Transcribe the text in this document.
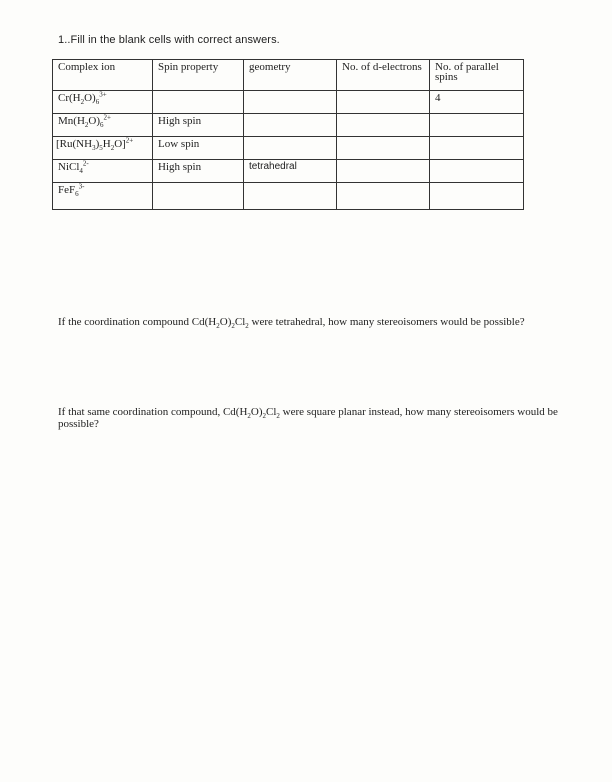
1..Fill in the blank cells with correct answers.
Complex ion	Spin property	geometry	No. of d-electrons	No. of parallel spins
$Cr(H_2O)_6^{3+}$				4
$Mn(H_2O)_6^{2+}$	High spin			
$[Ru(NH_3)_5H_2O]^{2+}$	Low spin			
NiCl$_4^{2-}$	High spin	tetrahedral		
FeF$_6^{3-}$				
If the coordination compound $Cd(H_2O)_2Cl_2$ were tetrahedral, how many stereoisomers would be possible?
If that same coordination compound, $Cd(H_2O)_2Cl_2$ were square planar instead, how many stereoisomers would be possible?
